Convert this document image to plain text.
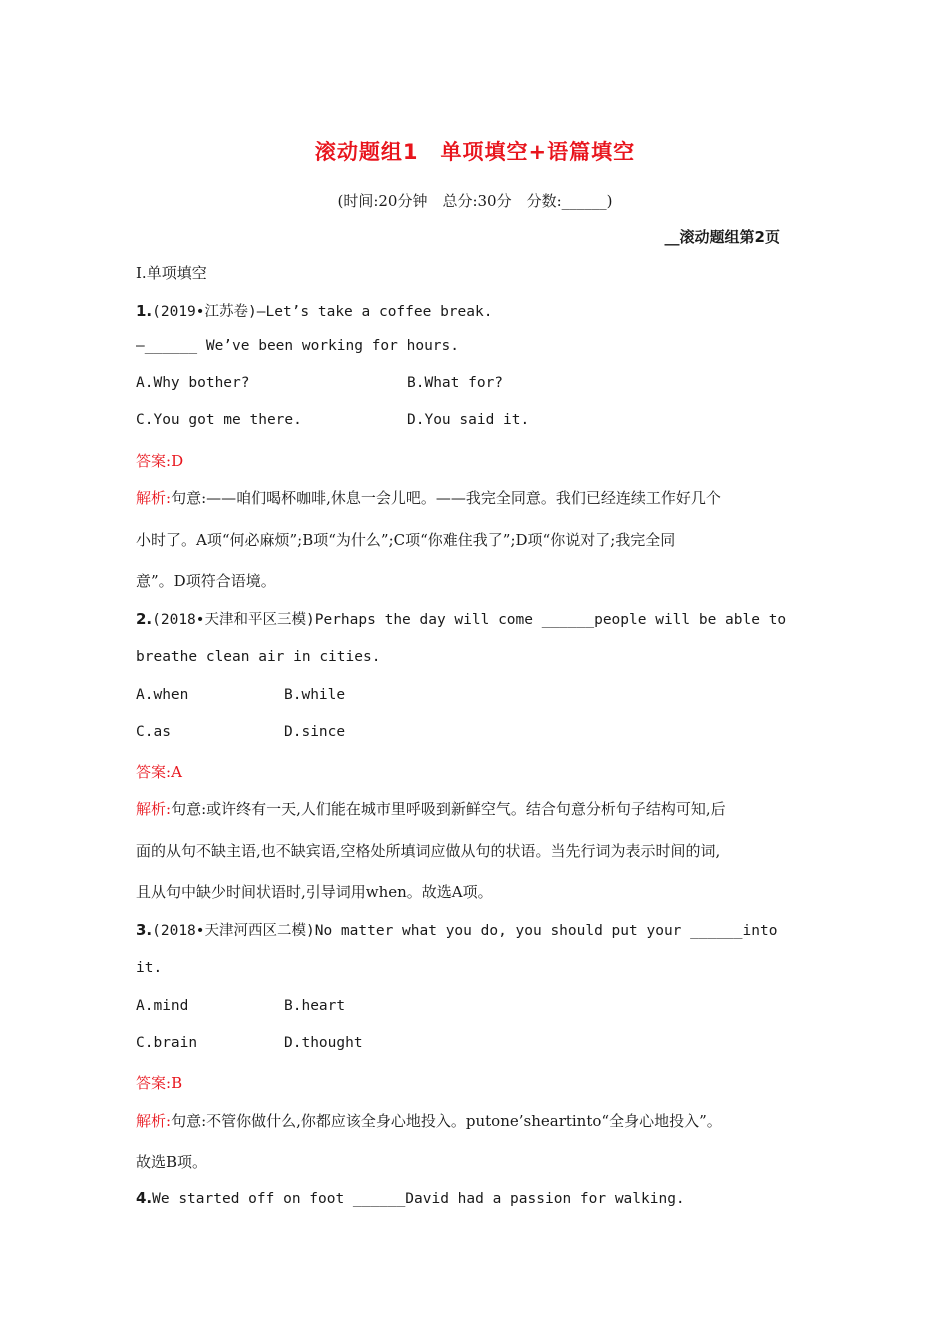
滚动题组1　单项填空+语篇填空
(时间:20分钟　总分:30分　分数:______)
__滚动题组第2页
Ⅰ.单项填空
1.(2019•江苏卷)—Let’s take a coffee break.
—______ We’ve been working for hours.
A.Why bother?	B.What for?
C.You got me there.	D.You said it.
答案:D
解析:句意:——咱们喝杯咖啡,休息一会儿吧。——我完全同意。我们已经连续工作好几个
小时了。A项“何必麻烦”;B项“为什么”;C项“你难住我了”;D项“你说对了;我完全同
意”。D项符合语境。
2.(2018•天津和平区三模)Perhaps the day will come ______people will be able to
breathe clean air in cities.
A.when	B.while
C.as	D.since
答案:A
解析:句意:或许终有一天,人们能在城市里呼吸到新鲜空气。结合句意分析句子结构可知,后
面的从句不缺主语,也不缺宾语,空格处所填词应做从句的状语。当先行词为表示时间的词,
且从句中缺少时间状语时,引导词用when。故选A项。
3.(2018•天津河西区二模)No matter what you do, you should put your ______into
it.
A.mind	B.heart
C.brain	D.thought
答案:B
解析:句意:不管你做什么,你都应该全身心地投入。putone’sheartinto“全身心地投入”。
故选B项。
4.We started off on foot ______David had a passion for walking.
